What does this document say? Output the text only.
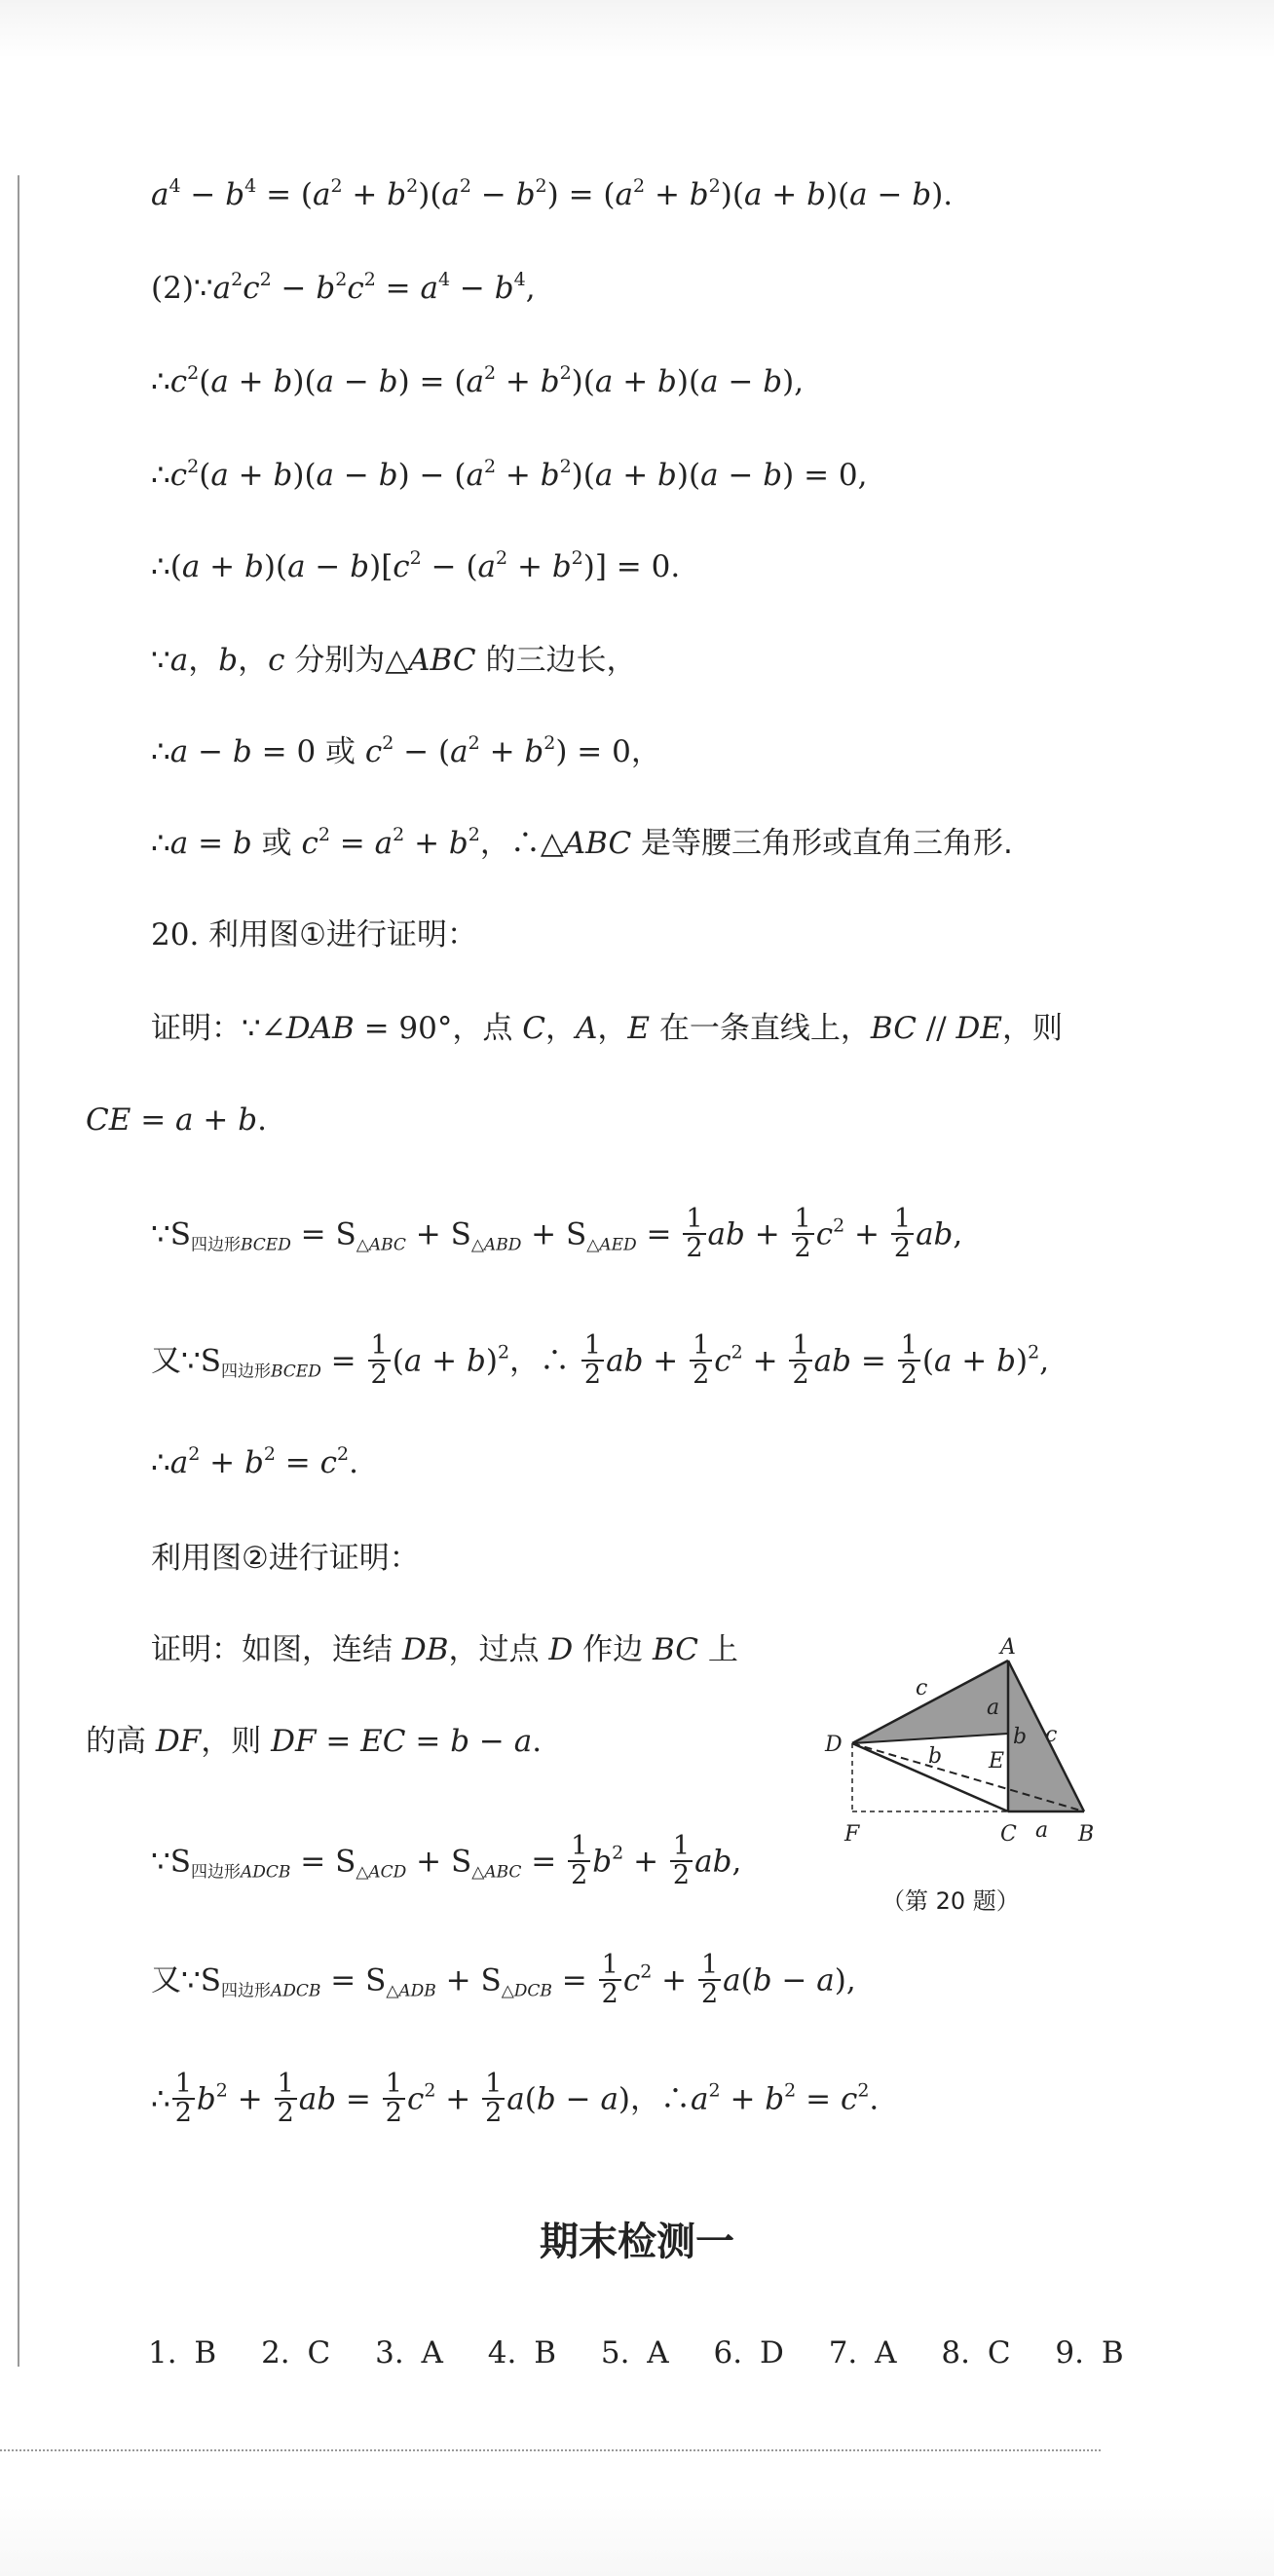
$a^4 - b^4 = (a^2 + b^2)(a^2 - b^2) = (a^2 + b^2)(a + b)(a - b)$.
$(2)\because a^2c^2 - b^2c^2 = a^4 - b^4$,
$\therefore c^2(a + b)(a - b) = (a^2 + b^2)(a + b)(a - b)$,
$\therefore c^2(a + b)(a - b) - (a^2 + b^2)(a + b)(a - b) = 0$,
∴(a + $b)(a - b)[c^2 - (a^2 + b^2)] = 0$.
∵a，b，c 分别为△ABC 的三边长，
∴a − b = 0 或 $c^2 - (a^2 + b^2) = 0$，
∴a = b 或 $c^2 = a^2 + b^2$，∴△ABC 是等腰三角形或直角三角形.
20. 利用图①进行证明：
证明：∵∠DAB = 90°，点 C，A，E 在一条直线上，BC // DE，则
CE = a + b.
$\because S_{四边形BCED} = S_{\triangle ABC} + S_{\triangle ABD} + S_{\triangle AED} = \frac{1}{2}$ ab + $\frac{1}{2} c^2 + \frac{1}{2}$ ab,
又$\because S_{四边形BCED} = \frac{1}{2} (a + b)^2$，∴ $\frac{1}{2}$ ab + $\frac{1}{2} c^2 + \frac{1}{2}$ ab = $\frac{1}{2} (a + b)^2$,
$\therefore a^2 + b^2 = c^2$.
利用图②进行证明：
证明：如图，连结 DB，过点 D 作边 BC 上
的高 DF，则 DF = EC = b − a.
$\because S_{四边形ADCB} = S_{\triangle ACD} + S_{\triangle ABC} = \frac{1}{2} b^2 + \frac{1}{2}$ ab,
又$\because S_{四边形ADCB} = S_{\triangle ADB} + S_{\triangle DCB} = \frac{1}{2} c^2 + \frac{1}{2} a(b - a)$,
∴ $\frac{1}{2} b^2 + \frac{1}{2}$ ab = $\frac{1}{2} c^2 + \frac{1}{2} a(b - a)$，$\therefore a^2 + b^2 = c^2$.
A
D
c
a
b c
b E
F	C a B
（第 20 题）
期末检测一
1. B 2. C 3. A 4. B 5. A 6. D 7. A 8. C 9. B
